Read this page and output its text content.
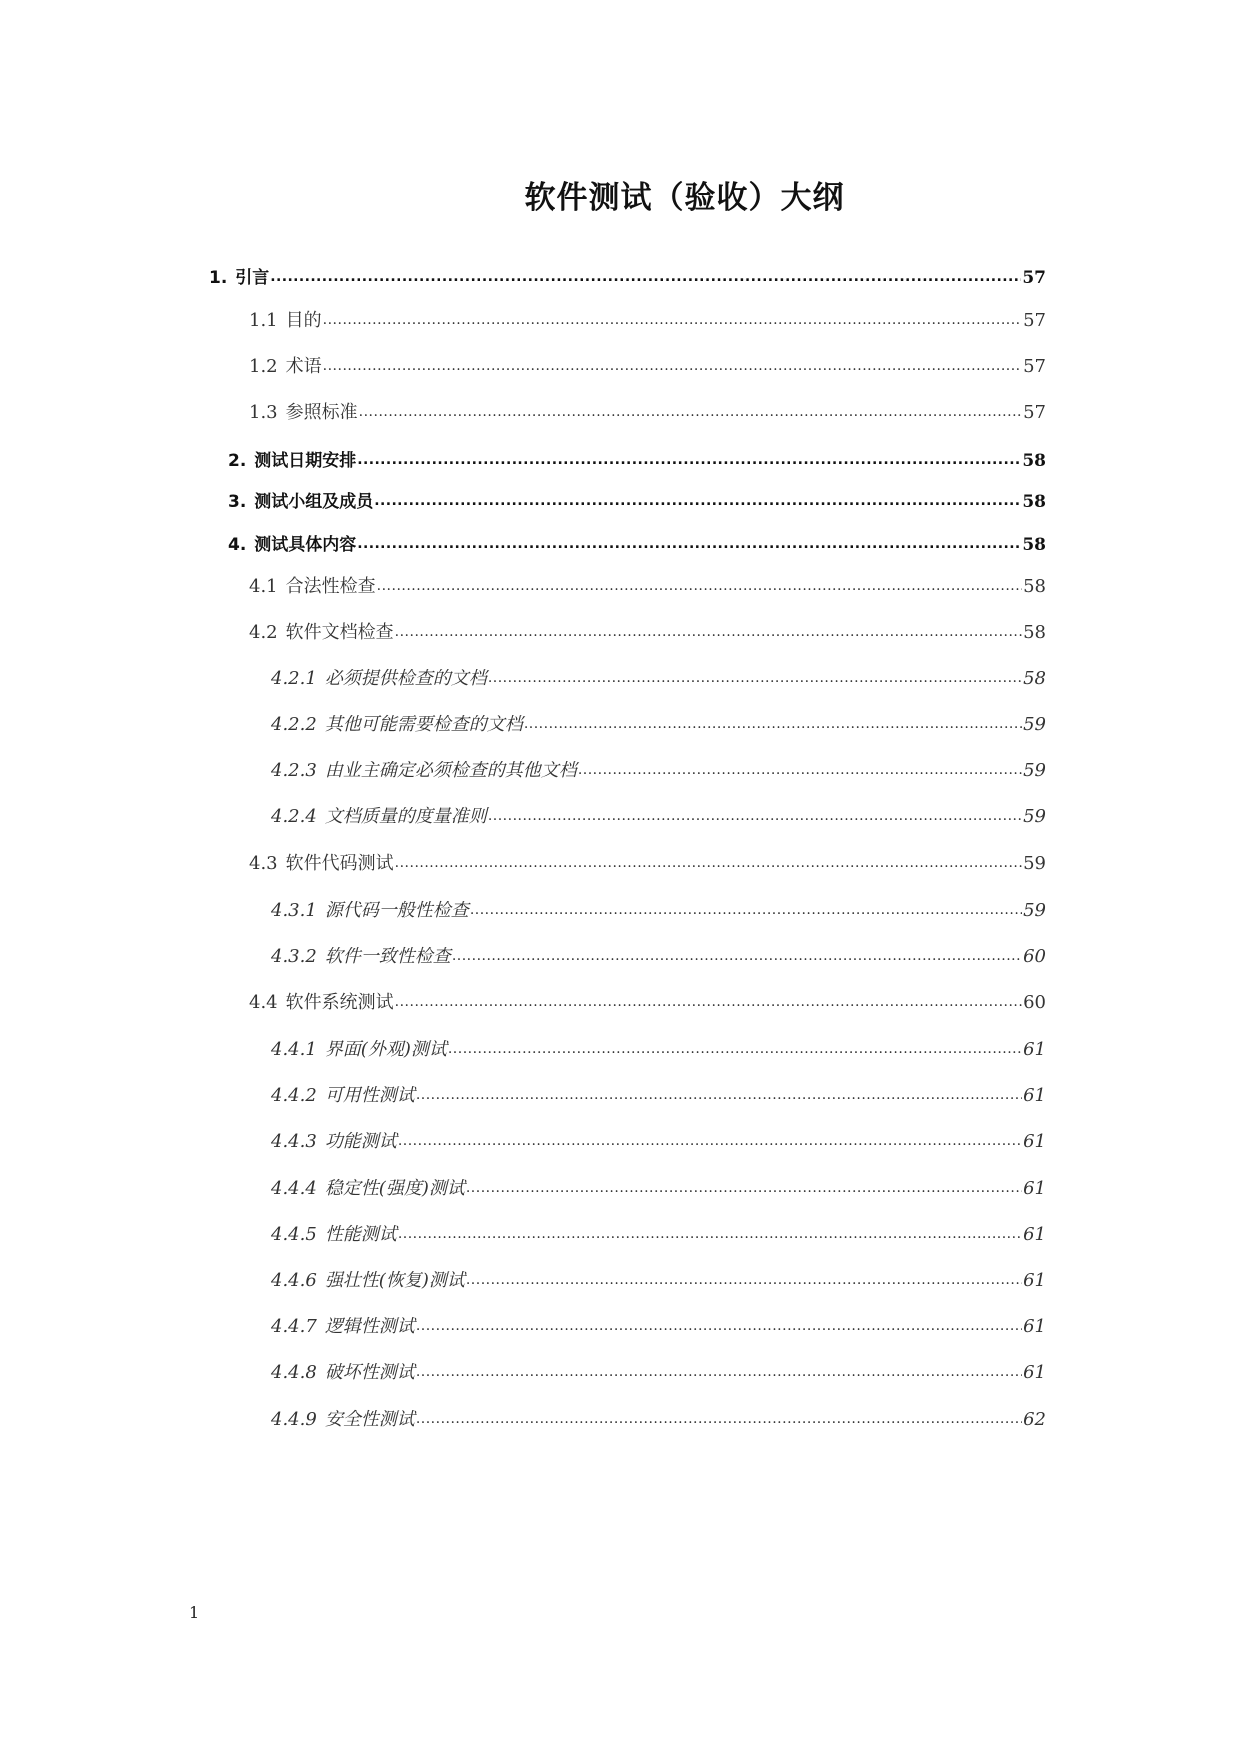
软件测试（验收）大纲
1. 引言 .....	57
1.1 目的 .....	57
1.2 术语 .....	57
1.3 参照标准 .....	57
2. 测试日期安排 .....	58
3. 测试小组及成员 .....	58
4. 测试具体内容 .....	58
4.1 合法性检查 .....	58
4.2 软件文档检查 .....	58
4.2.1 必须提供检查的文档 .....	58
4.2.2 其他可能需要检查的文档 .....	59
4.2.3 由业主确定必须检查的其他文档 .....	59
4.2.4 文档质量的度量准则 .....	59
4.3 软件代码测试 .....	59
4.3.1 源代码一般性检查 .....	59
4.3.2 软件一致性检查 .....	60
4.4 软件系统测试 .....	60
4.4.1 界面(外观)测试 .....	61
4.4.2 可用性测试 .....	61
4.4.3 功能测试 .....	61
4.4.4 稳定性(强度)测试 .....	61
4.4.5 性能测试 .....	61
4.4.6 强壮性(恢复)测试 .....	61
4.4.7 逻辑性测试 .....	61
4.4.8 破坏性测试 .....	61
4.4.9 安全性测试 .....	62
1
